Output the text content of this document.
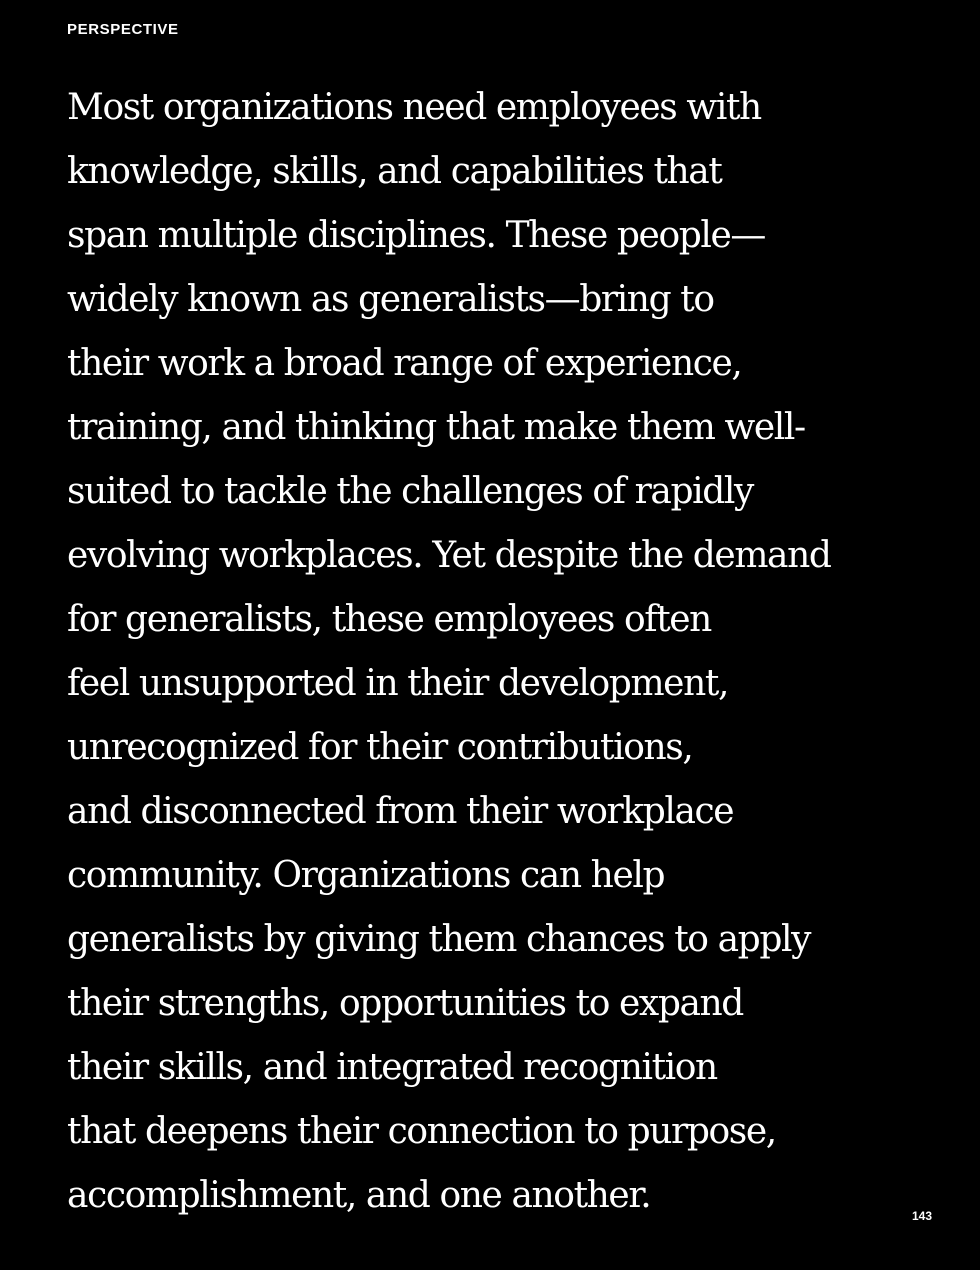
PERSPECTIVE

Most organizations need employees with
knowledge, skills, and capabilities that
span multiple disciplines. These people—
widely known as generalists—bring to
their work a broad range of experience,
training, and thinking that make them well-
suited to tackle the challenges of rapidly
evolving workplaces. Yet despite the demand
for generalists, these employees often
feel unsupported in their development,
unrecognized for their contributions,
and disconnected from their workplace
community. Organizations can help
generalists by giving them chances to apply
their strengths, opportunities to expand
their skills, and integrated recognition
that deepens their connection to purpose,
accomplishment, and one another.	143
